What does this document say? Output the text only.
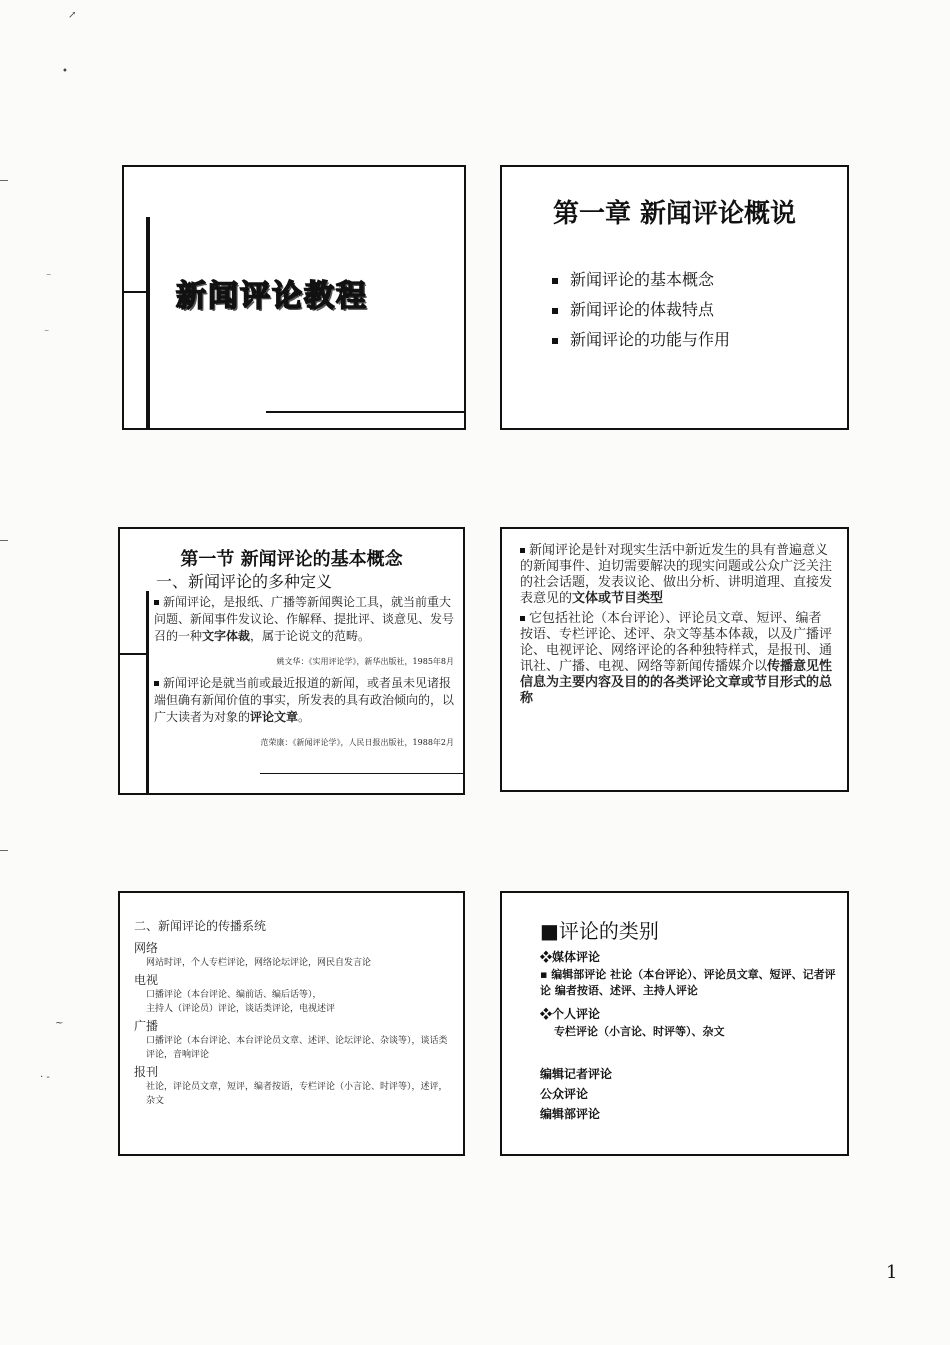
↗
•
⁻
⁻
~
· -
新闻评论教程
第一章 新闻评论概说
新闻评论的基本概念
新闻评论的体裁特点
新闻评论的功能与作用
第一节 新闻评论的基本概念
一、新闻评论的多种定义

新闻评论，是报纸、广播等新闻舆论工具，就当前重大问题、新闻事件发议论、作解释、提批评、谈意见、发号召的一种文字体裁，属于论说文的范畴。

姚文华：《实用评论学》，新华出版社，1985年8月

新闻评论是就当前或最近报道的新闻，或者虽未见诸报端但确有新闻价值的事实，所发表的具有政治倾向的，以广大读者为对象的评论文章。

范荣康：《新闻评论学》，人民日报出版社，1988年2月

新闻评论是针对现实生活中新近发生的具有普遍意义的新闻事件、迫切需要解决的现实问题或公众广泛关注的社会话题，发表议论、做出分析、讲明道理、直接发表意见的文体或节目类型

它包括社论（本台评论）、评论员文章、短评、编者按语、专栏评论、述评、杂文等基本体裁，以及广播评论、电视评论、网络评论的各种独特样式，是报刊、通讯社、广播、电视、网络等新闻传播媒介以传播意见性信息为主要内容及目的的各类评论文章或节目形式的总称

二、新闻评论的传播系统
网络
网站时评，个人专栏评论，网络论坛评论，网民自发言论
电视
口播评论（本台评论、编前话、编后话等），
主持人（评论员）评论，谈话类评论，电视述评
广播
口播评论（本台评论、本台评论员文章、述评、论坛评论、杂谈等），谈话类评论，音响评论
报刊
社论，评论员文章，短评，编者按语，专栏评论（小言论、时评等），述评，杂文
■评论的类别
❖媒体评论
▪ 编辑部评论 社论（本台评论）、评论员文章、短评、记者评论 编者按语、述评、主持人评论
❖个人评论
专栏评论（小言论、时评等）、杂文
编辑记者评论
公众评论
编辑部评论
1
